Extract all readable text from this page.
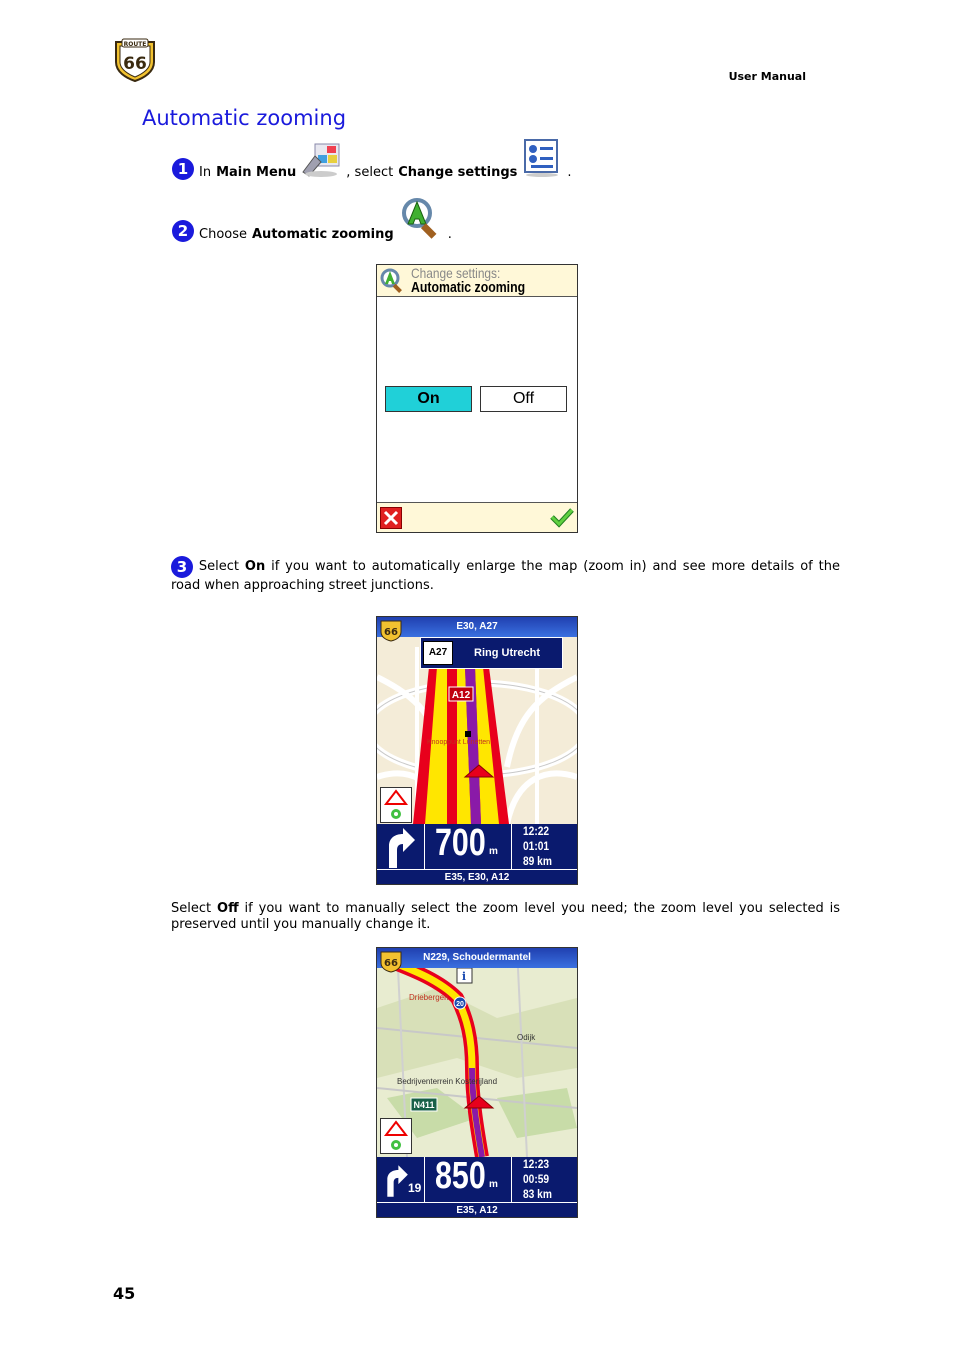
ROUTE
66
User Manual
Automatic zooming
1 In Main Menu	, select Change settings	.
2 Choose Automatic zooming	.
Change settings:
Automatic zooming
On	Off
3 Select On if you want to automatically enlarge the map (zoom in) and see more details of the road when approaching street junctions.
A12
Knooppunt Lunetten
E30, A27
66
A27	Ring Utrecht
700 m
12:22
01:01
89 km
E35, E30, A12
Select Off if you want to manually select the zoom level you need; the zoom level you selected is preserved until you manually change it.
20
Driebergen
Odijk
Bedrijventerrein Kosterijland
N411
i
N229, Schoudermantel
66
19 850 m
12:23
00:59
83 km
E35, A12
45
